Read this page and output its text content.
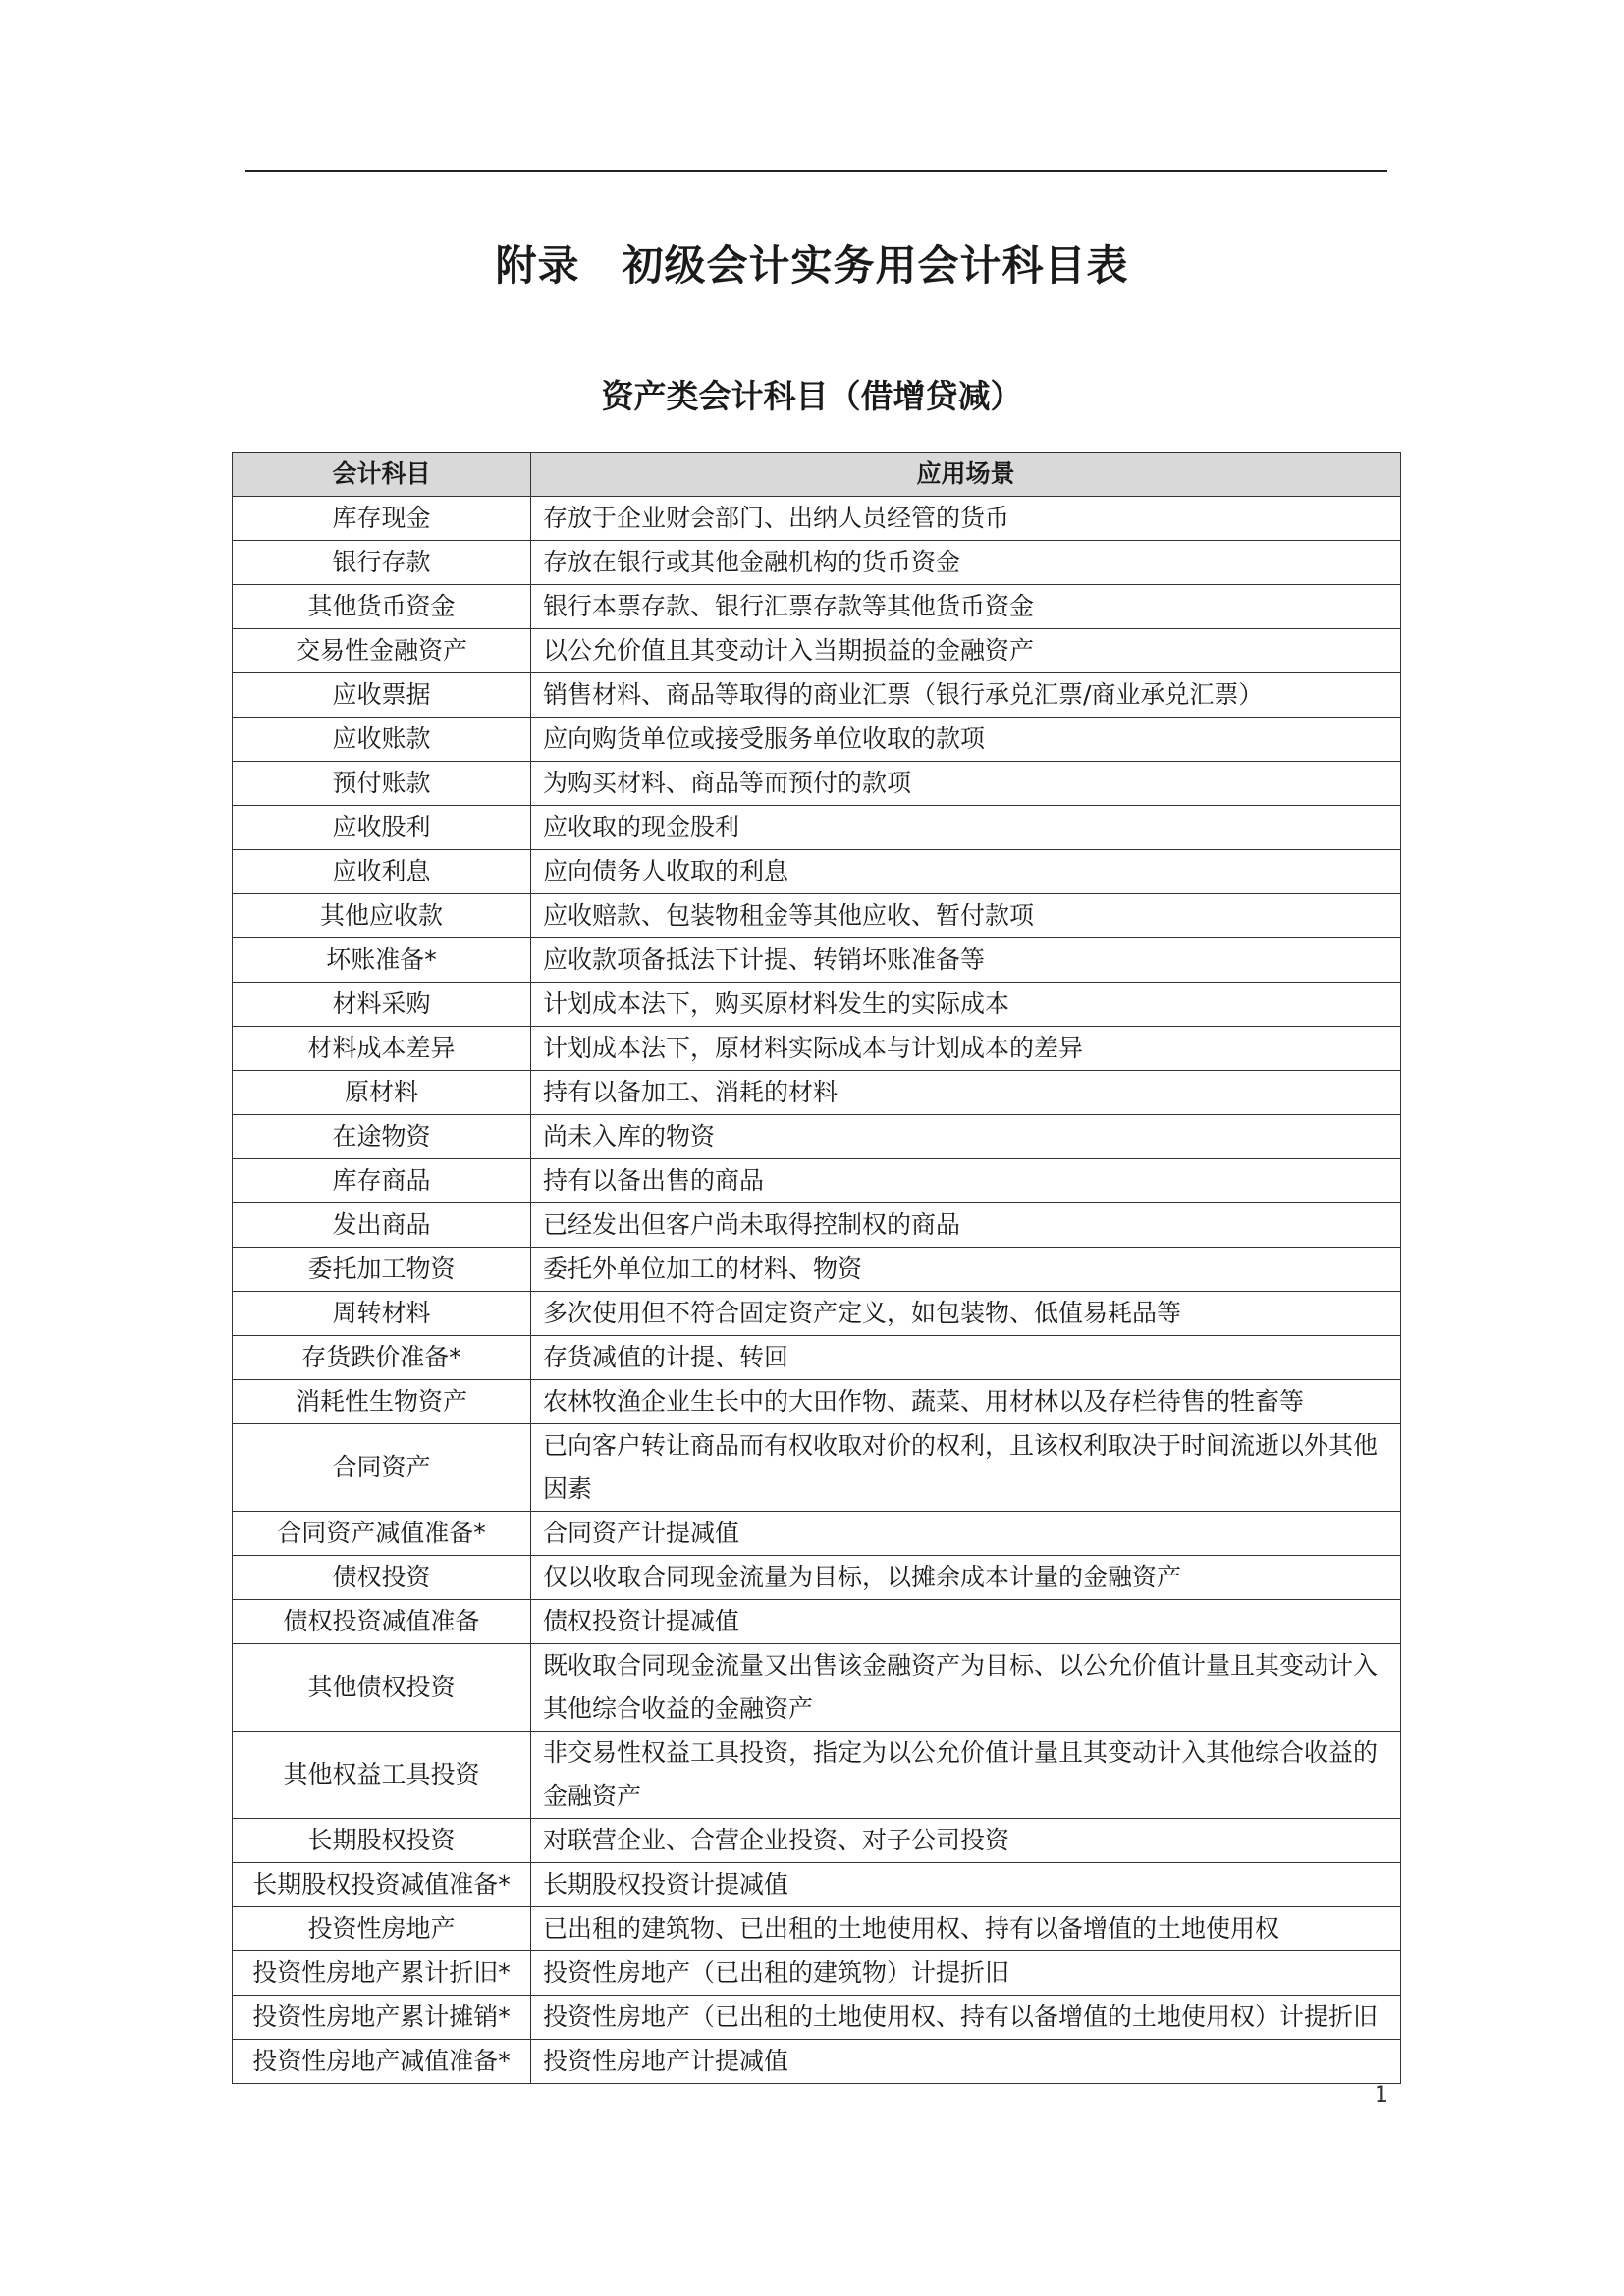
附录　初级会计实务用会计科目表
资产类会计科目（借增贷减）
会计科目	应用场景
库存现金	存放于企业财会部门、出纳人员经管的货币
银行存款	存放在银行或其他金融机构的货币资金
其他货币资金	银行本票存款、银行汇票存款等其他货币资金
交易性金融资产	以公允价值且其变动计入当期损益的金融资产
应收票据	销售材料、商品等取得的商业汇票（银行承兑汇票/商业承兑汇票）
应收账款	应向购货单位或接受服务单位收取的款项
预付账款	为购买材料、商品等而预付的款项
应收股利	应收取的现金股利
应收利息	应向债务人收取的利息
其他应收款	应收赔款、包装物租金等其他应收、暂付款项
坏账准备*	应收款项备抵法下计提、转销坏账准备等
材料采购	计划成本法下，购买原材料发生的实际成本
材料成本差异	计划成本法下，原材料实际成本与计划成本的差异
原材料	持有以备加工、消耗的材料
在途物资	尚未入库的物资
库存商品	持有以备出售的商品
发出商品	已经发出但客户尚未取得控制权的商品
委托加工物资	委托外单位加工的材料、物资
周转材料	多次使用但不符合固定资产定义，如包装物、低值易耗品等
存货跌价准备*	存货减值的计提、转回
消耗性生物资产	农林牧渔企业生长中的大田作物、蔬菜、用材林以及存栏待售的牲畜等
合同资产	已向客户转让商品而有权收取对价的权利，且该权利取决于时间流逝以外其他因素
合同资产减值准备*	合同资产计提减值
债权投资	仅以收取合同现金流量为目标，以摊余成本计量的金融资产
债权投资减值准备	债权投资计提减值
其他债权投资	既收取合同现金流量又出售该金融资产为目标、以公允价值计量且其变动计入其他综合收益的金融资产
其他权益工具投资	非交易性权益工具投资，指定为以公允价值计量且其变动计入其他综合收益的金融资产
长期股权投资	对联营企业、合营企业投资、对子公司投资
长期股权投资减值准备*	长期股权投资计提减值
投资性房地产	已出租的建筑物、已出租的土地使用权、持有以备增值的土地使用权
投资性房地产累计折旧*	投资性房地产（已出租的建筑物）计提折旧
投资性房地产累计摊销*	投资性房地产（已出租的土地使用权、持有以备增值的土地使用权）计提折旧
投资性房地产减值准备*	投资性房地产计提减值
1
